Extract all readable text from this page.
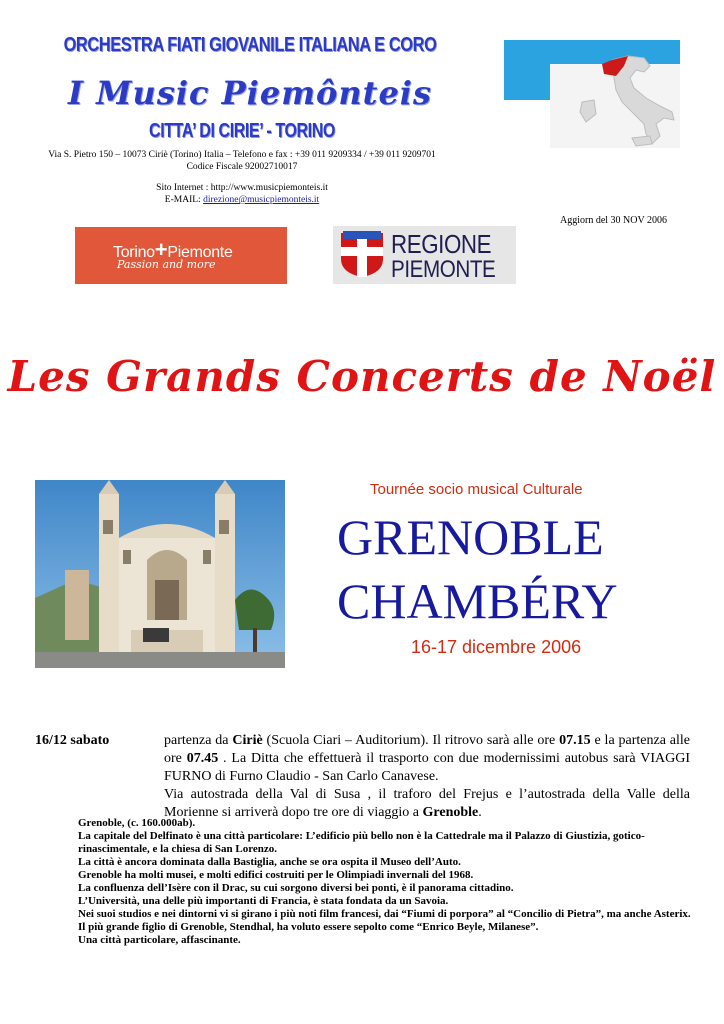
ORCHESTRA FIATI GIOVANILE ITALIANA E CORO
I Music Piemônteis
CITTA’ DI CIRIE’ - TORINO
Via S. Pietro 150 – 10073 Ciriè (Torino) Italia – Telefono e fax : +39 011 9209334 / +39 011 9209701
Codice Fiscale 92002710017
Sito Internet : http://www.musicpiemonteis.it
E-MAIL: direzione@musicpiemonteis.it
Aggiorn del 30 NOV 2006
Torino+Piemonte
Passion and more
REGIONE
PIEMONTE
Les Grands Concerts de Noël
Tournée socio musical Culturale
GRENOBLE
CHAMBÉRY
16-17 dicembre 2006
16/12 sabato	partenza da Ciriè (Scuola Ciari – Auditorium). Il ritrovo sarà alle ore 07.15 e la partenza alle ore 07.45 . La Ditta che effettuerà il trasporto con due modernissimi autobus sarà VIAGGI FURNO di Furno Claudio - San Carlo Canavese.

Via autostrada della Val di Susa , il traforo del Frejus e l’autostrada della Valle della Morienne si arriverà dopo tre ore di viaggio a Grenoble.

Grenoble, (c. 160.000ab).
La capitale del Delfinato è una città particolare: L’edificio più bello non è la Cattedrale ma il Palazzo di Giustizia, gotico-rinascimentale, e la chiesa di San Lorenzo.
La città è ancora dominata dalla Bastiglia, anche se ora ospita il Museo dell’Auto.
Grenoble ha molti musei, e molti edifici costruiti per le Olimpiadi invernali del 1968.
La confluenza dell’Isère con il Drac, su cui sorgono diversi bei ponti, è il panorama cittadino.
L’Università, una delle più importanti di Francia, è stata fondata da un Savoia.
Nei suoi studios e nei dintorni vi si girano i più noti film francesi, dai “Fiumi di porpora” al “Concilio di Pietra”, ma anche Asterix.
Il più grande figlio di Grenoble, Stendhal, ha voluto essere sepolto come “Enrico Beyle, Milanese”.
Una città particolare, affascinante.
